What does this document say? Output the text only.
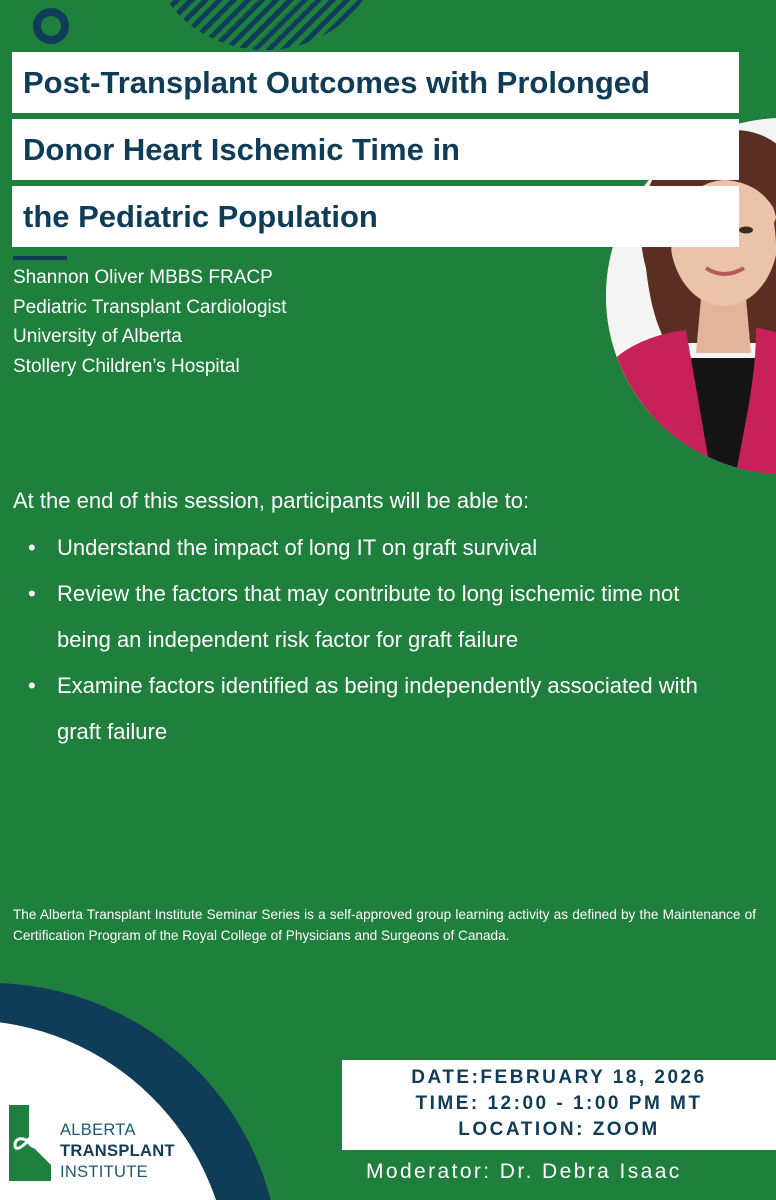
Post-Transplant Outcomes with Prolonged
Donor Heart Ischemic Time in
the Pediatric Population
Shannon Oliver MBBS FRACP
Pediatric Transplant Cardiologist
University of Alberta
Stollery Children’s Hospital
At the end of this session, participants will be able to:
• Understand the impact of long IT on graft survival
• Review the factors that may contribute to long ischemic time not being an independent risk factor for graft failure
• Examine factors identified as being independently associated with graft failure
The Alberta Transplant Institute Seminar Series is a self-approved group learning activity as defined by the Maintenance of Certification Program of the Royal College of Physicians and Surgeons of Canada.
ALBERTA
TRANSPLANT
INSTITUTE
DATE:FEBRUARY 18, 2026
TIME: 12:00 - 1:00 PM MT
LOCATION: ZOOM
Moderator: Dr. Debra Isaac
